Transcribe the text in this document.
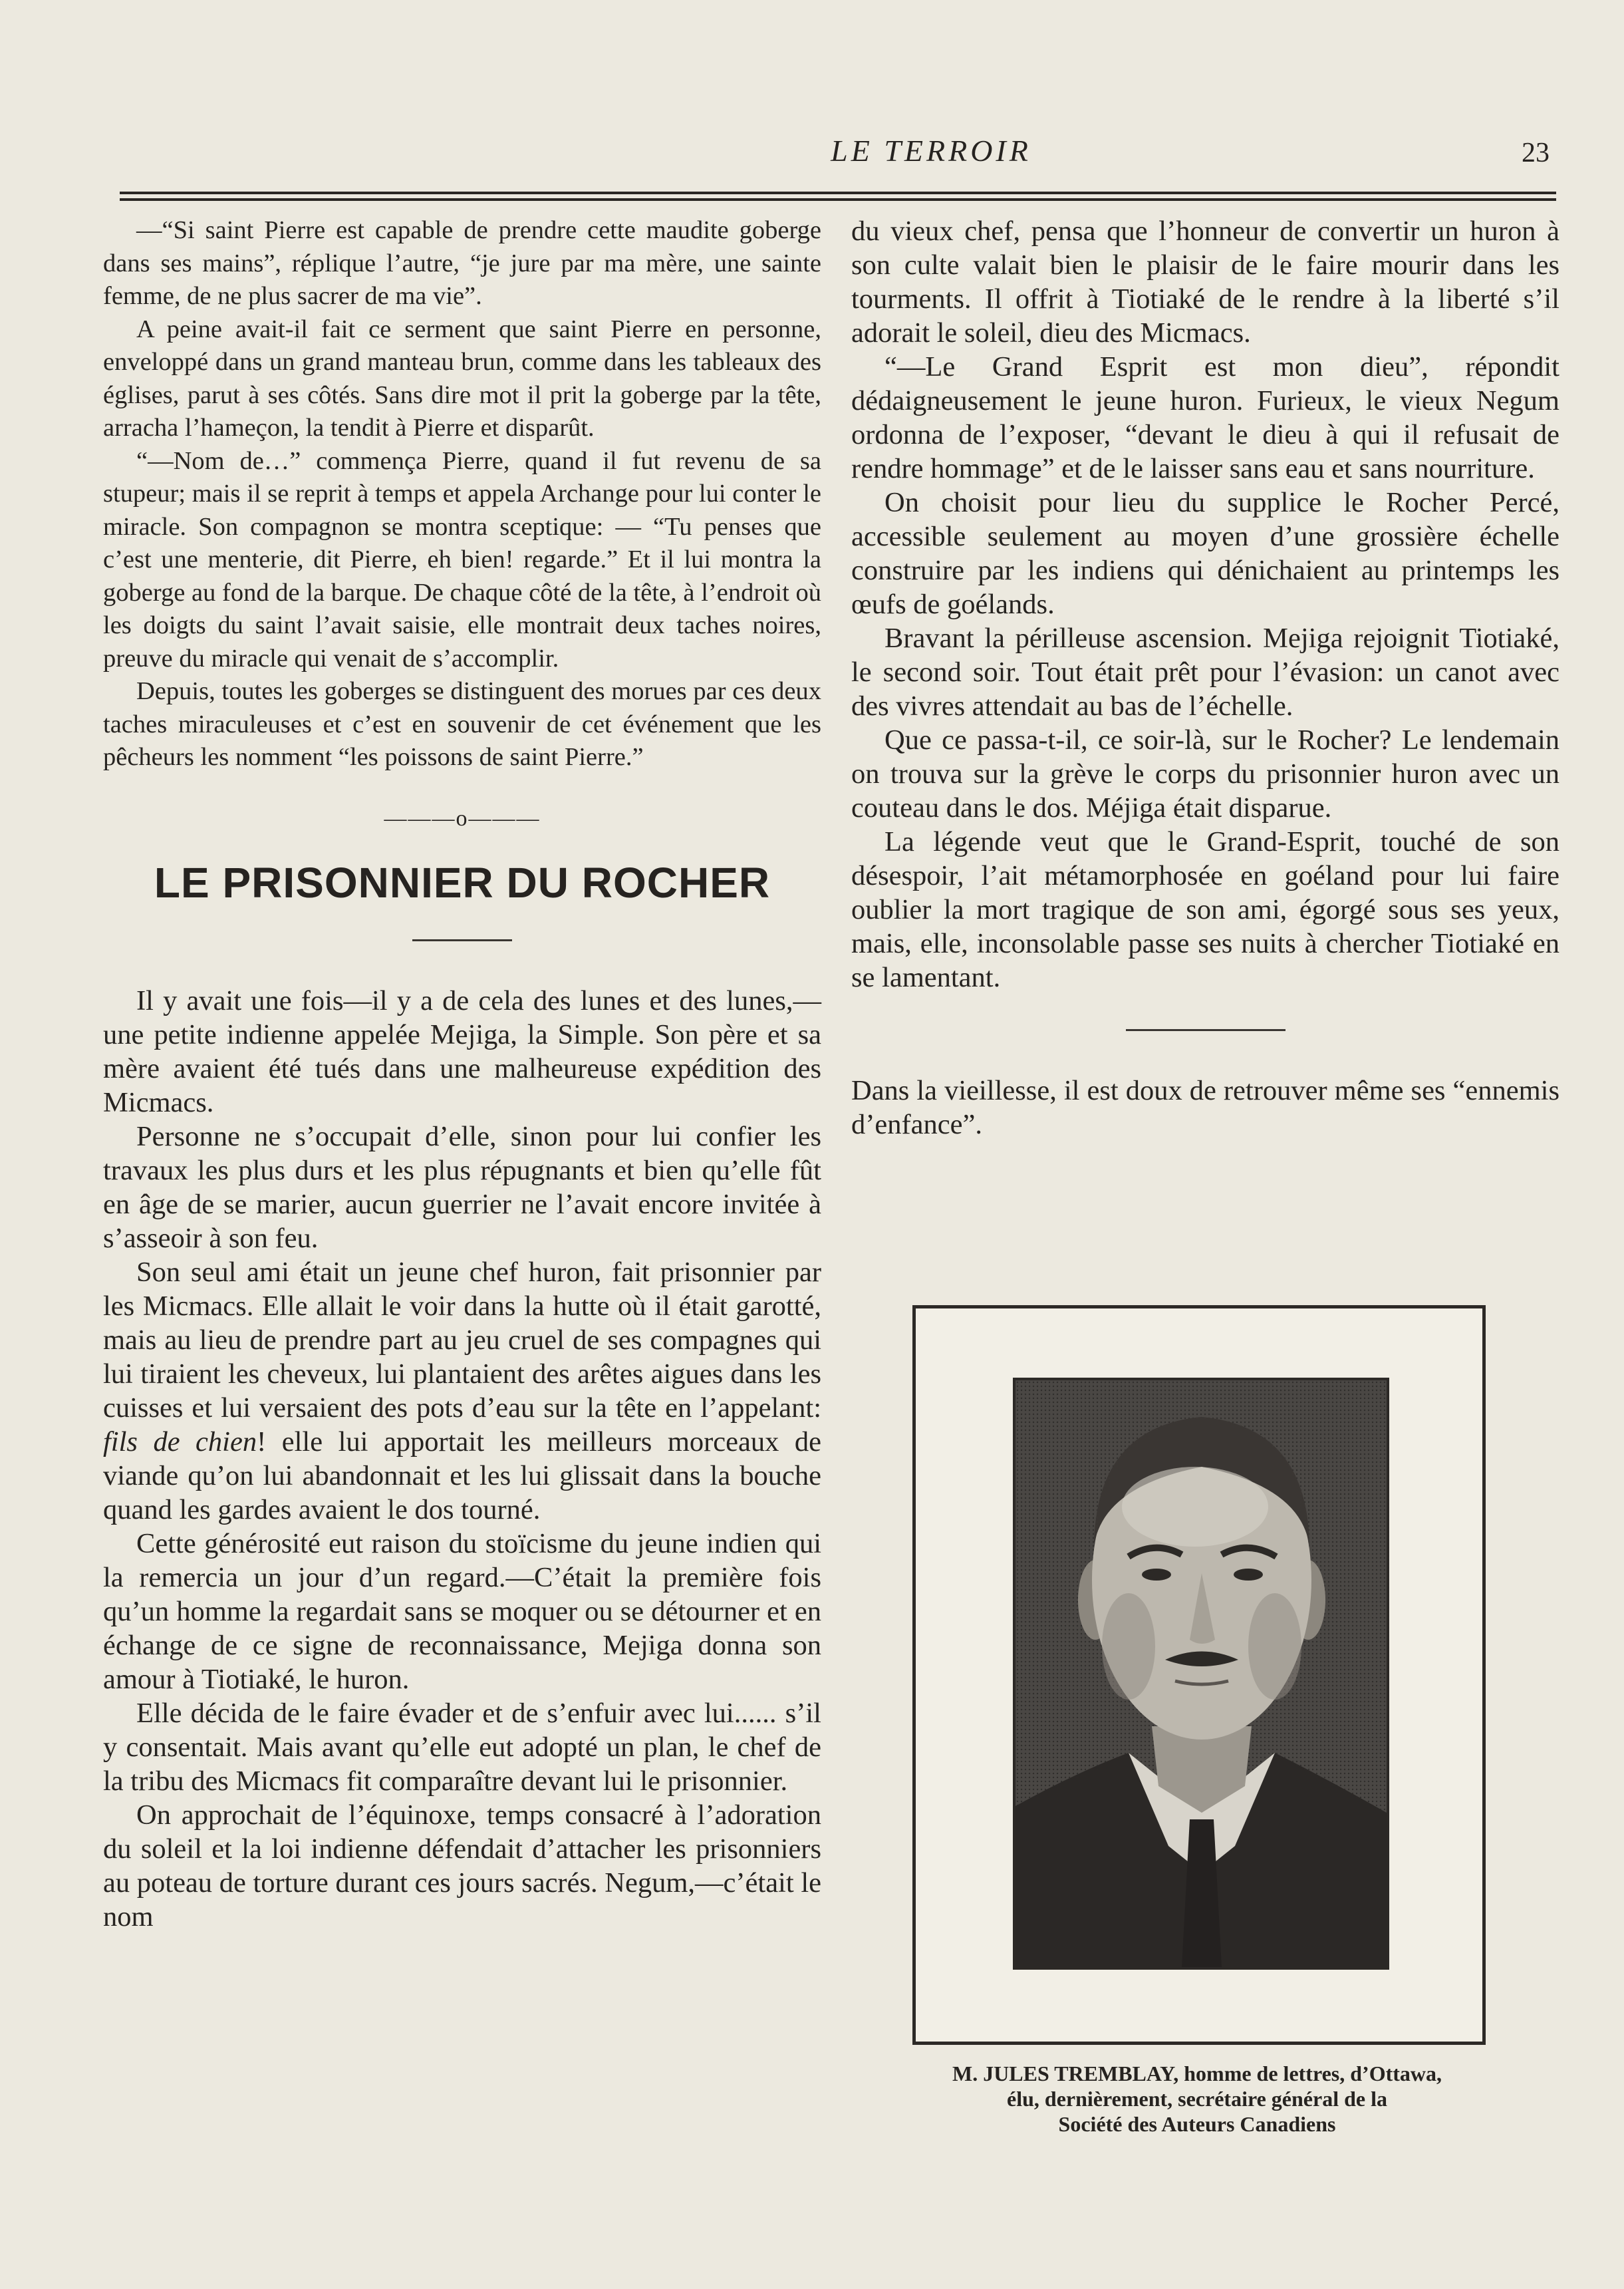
LE TERROIR	23

—“Si saint Pierre est capable de prendre cette maudite goberge dans ses mains”, réplique l’autre, “je jure par ma mère, une sainte femme, de ne plus sacrer de ma vie”.

A peine avait-il fait ce serment que saint Pierre en personne, enveloppé dans un grand manteau brun, comme dans les tableaux des églises, parut à ses côtés. Sans dire mot il prit la goberge par la tête, arracha l’hameçon, la tendit à Pierre et disparût.

“—Nom de…” commença Pierre, quand il fut revenu de sa stupeur; mais il se reprit à temps et appela Archange pour lui conter le miracle. Son compagnon se montra sceptique: — “Tu penses que c’est une menterie, dit Pierre, eh bien! regarde.” Et il lui montra la goberge au fond de la barque. De chaque côté de la tête, à l’endroit où les doigts du saint l’avait saisie, elle montrait deux taches noires, preuve du miracle qui venait de s’accomplir.

Depuis, toutes les goberges se distinguent des morues par ces deux taches miraculeuses et c’est en souvenir de cet événement que les pêcheurs les nomment “les poissons de saint Pierre.”

———o———
LE PRISONNIER DU ROCHER

Il y avait une fois—il y a de cela des lunes et des lunes,—une petite indienne appelée Mejiga, la Simple. Son père et sa mère avaient été tués dans une malheureuse expédition des Micmacs.

Personne ne s’occupait d’elle, sinon pour lui confier les travaux les plus durs et les plus répugnants et bien qu’elle fût en âge de se marier, aucun guerrier ne l’avait encore invitée à s’asseoir à son feu.

Son seul ami était un jeune chef huron, fait prisonnier par les Micmacs. Elle allait le voir dans la hutte où il était garotté, mais au lieu de prendre part au jeu cruel de ses compagnes qui lui tiraient les cheveux, lui plantaient des arêtes aigues dans les cuisses et lui versaient des pots d’eau sur la tête en l’appelant: fils de chien! elle lui apportait les meilleurs morceaux de viande qu’on lui abandonnait et les lui glissait dans la bouche quand les gardes avaient le dos tourné.

Cette générosité eut raison du stoïcisme du jeune indien qui la remercia un jour d’un regard.—C’était la première fois qu’un homme la regardait sans se moquer ou se détourner et en échange de ce signe de reconnaissance, Mejiga donna son amour à Tiotiaké, le huron.

Elle décida de le faire évader et de s’enfuir avec lui...... s’il y consentait. Mais avant qu’elle eut adopté un plan, le chef de la tribu des Micmacs fit comparaître devant lui le prisonnier.

On approchait de l’équinoxe, temps consacré à l’adoration du soleil et la loi indienne défendait d’attacher les prisonniers au poteau de torture durant ces jours sacrés. Negum,—c’était le nom

du vieux chef, pensa que l’honneur de convertir un huron à son culte valait bien le plaisir de le faire mourir dans les tourments. Il offrit à Tiotiaké de le rendre à la liberté s’il adorait le soleil, dieu des Micmacs.

“—Le Grand Esprit est mon dieu”, répondit dédaigneusement le jeune huron. Furieux, le vieux Negum ordonna de l’exposer, “devant le dieu à qui il refusait de rendre hommage” et de le laisser sans eau et sans nourriture.

On choisit pour lieu du supplice le Rocher Percé, accessible seulement au moyen d’une grossière échelle construire par les indiens qui dénichaient au printemps les œufs de goélands.

Bravant la périlleuse ascension. Mejiga rejoignit Tiotiaké, le second soir. Tout était prêt pour l’évasion: un canot avec des vivres attendait au bas de l’échelle.

Que ce passa-t-il, ce soir-là, sur le Rocher? Le lendemain on trouva sur la grève le corps du prisonnier huron avec un couteau dans le dos. Méjiga était disparue.

La légende veut que le Grand-Esprit, touché de son désespoir, l’ait métamorphosée en goéland pour lui faire oublier la mort tragique de son ami, égorgé sous ses yeux, mais, elle, inconsolable passe ses nuits à chercher Tiotiaké en se lamentant.

Dans la vieillesse, il est doux de retrouver même ses “ennemis d’enfance”.

M. JULES TREMBLAY, homme de lettres, d’Ottawa,
élu, dernièrement, secrétaire général de la
Société des Auteurs Canadiens
